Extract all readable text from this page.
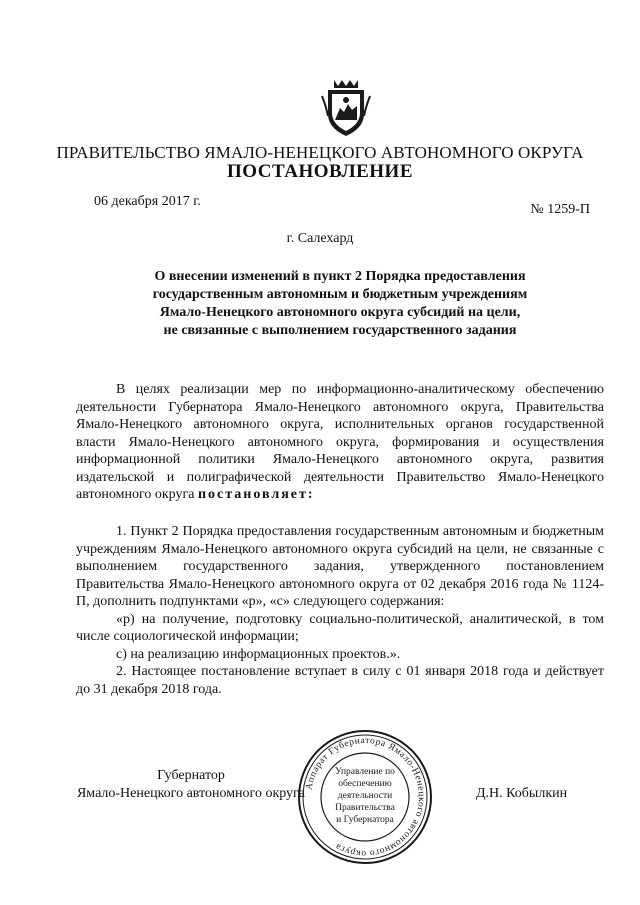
ПРАВИТЕЛЬСТВО ЯМАЛО-НЕНЕЦКОГО АВТОНОМНОГО ОКРУГА
ПОСТАНОВЛЕНИЕ
06 декабря 2017 г.
№ 1259-П
г. Салехард
О внесении изменений в пункт 2 Порядка предоставления
государственным автономным и бюджетным учреждениям
Ямало-Ненецкого автономного округа субсидий на цели,
не связанные с выполнением государственного задания
В целях реализации мер по информационно-аналитическому обеспечению деятельности Губернатора Ямало-Ненецкого автономного округа, Правительства Ямало-Ненецкого автономного округа, исполнительных органов государственной власти Ямало-Ненецкого автономного округа, формирования и осуществления информационной политики Ямало-Ненецкого автономного округа, развития издательской и полиграфической деятельности Правительство Ямало-Ненецкого автономного округа постановляет:
1. Пункт 2 Порядка предоставления государственным автономным и бюджетным учреждениям Ямало-Ненецкого автономного округа субсидий на цели, не связанные с выполнением государственного задания, утвержденного постановлением Правительства Ямало-Ненецкого автономного округа от 02 декабря 2016 года № 1124-П, дополнить подпунктами «р», «с» следующего содержания:
«р) на получение, подготовку социально-политической, аналитической, в том числе социологической информации;
с) на реализацию информационных проектов.».
2. Настоящее постановление вступает в силу с 01 января 2018 года и действует до 31 декабря 2018 года.
Губернатор
Ямало-Ненецкого автономного округа	Д.Н. Кобылкин
Аппарат Губернатора Ямало-Ненецкого автономного округа
Управление по
обеспечению
деятельности
Правительства
и Губернатора
